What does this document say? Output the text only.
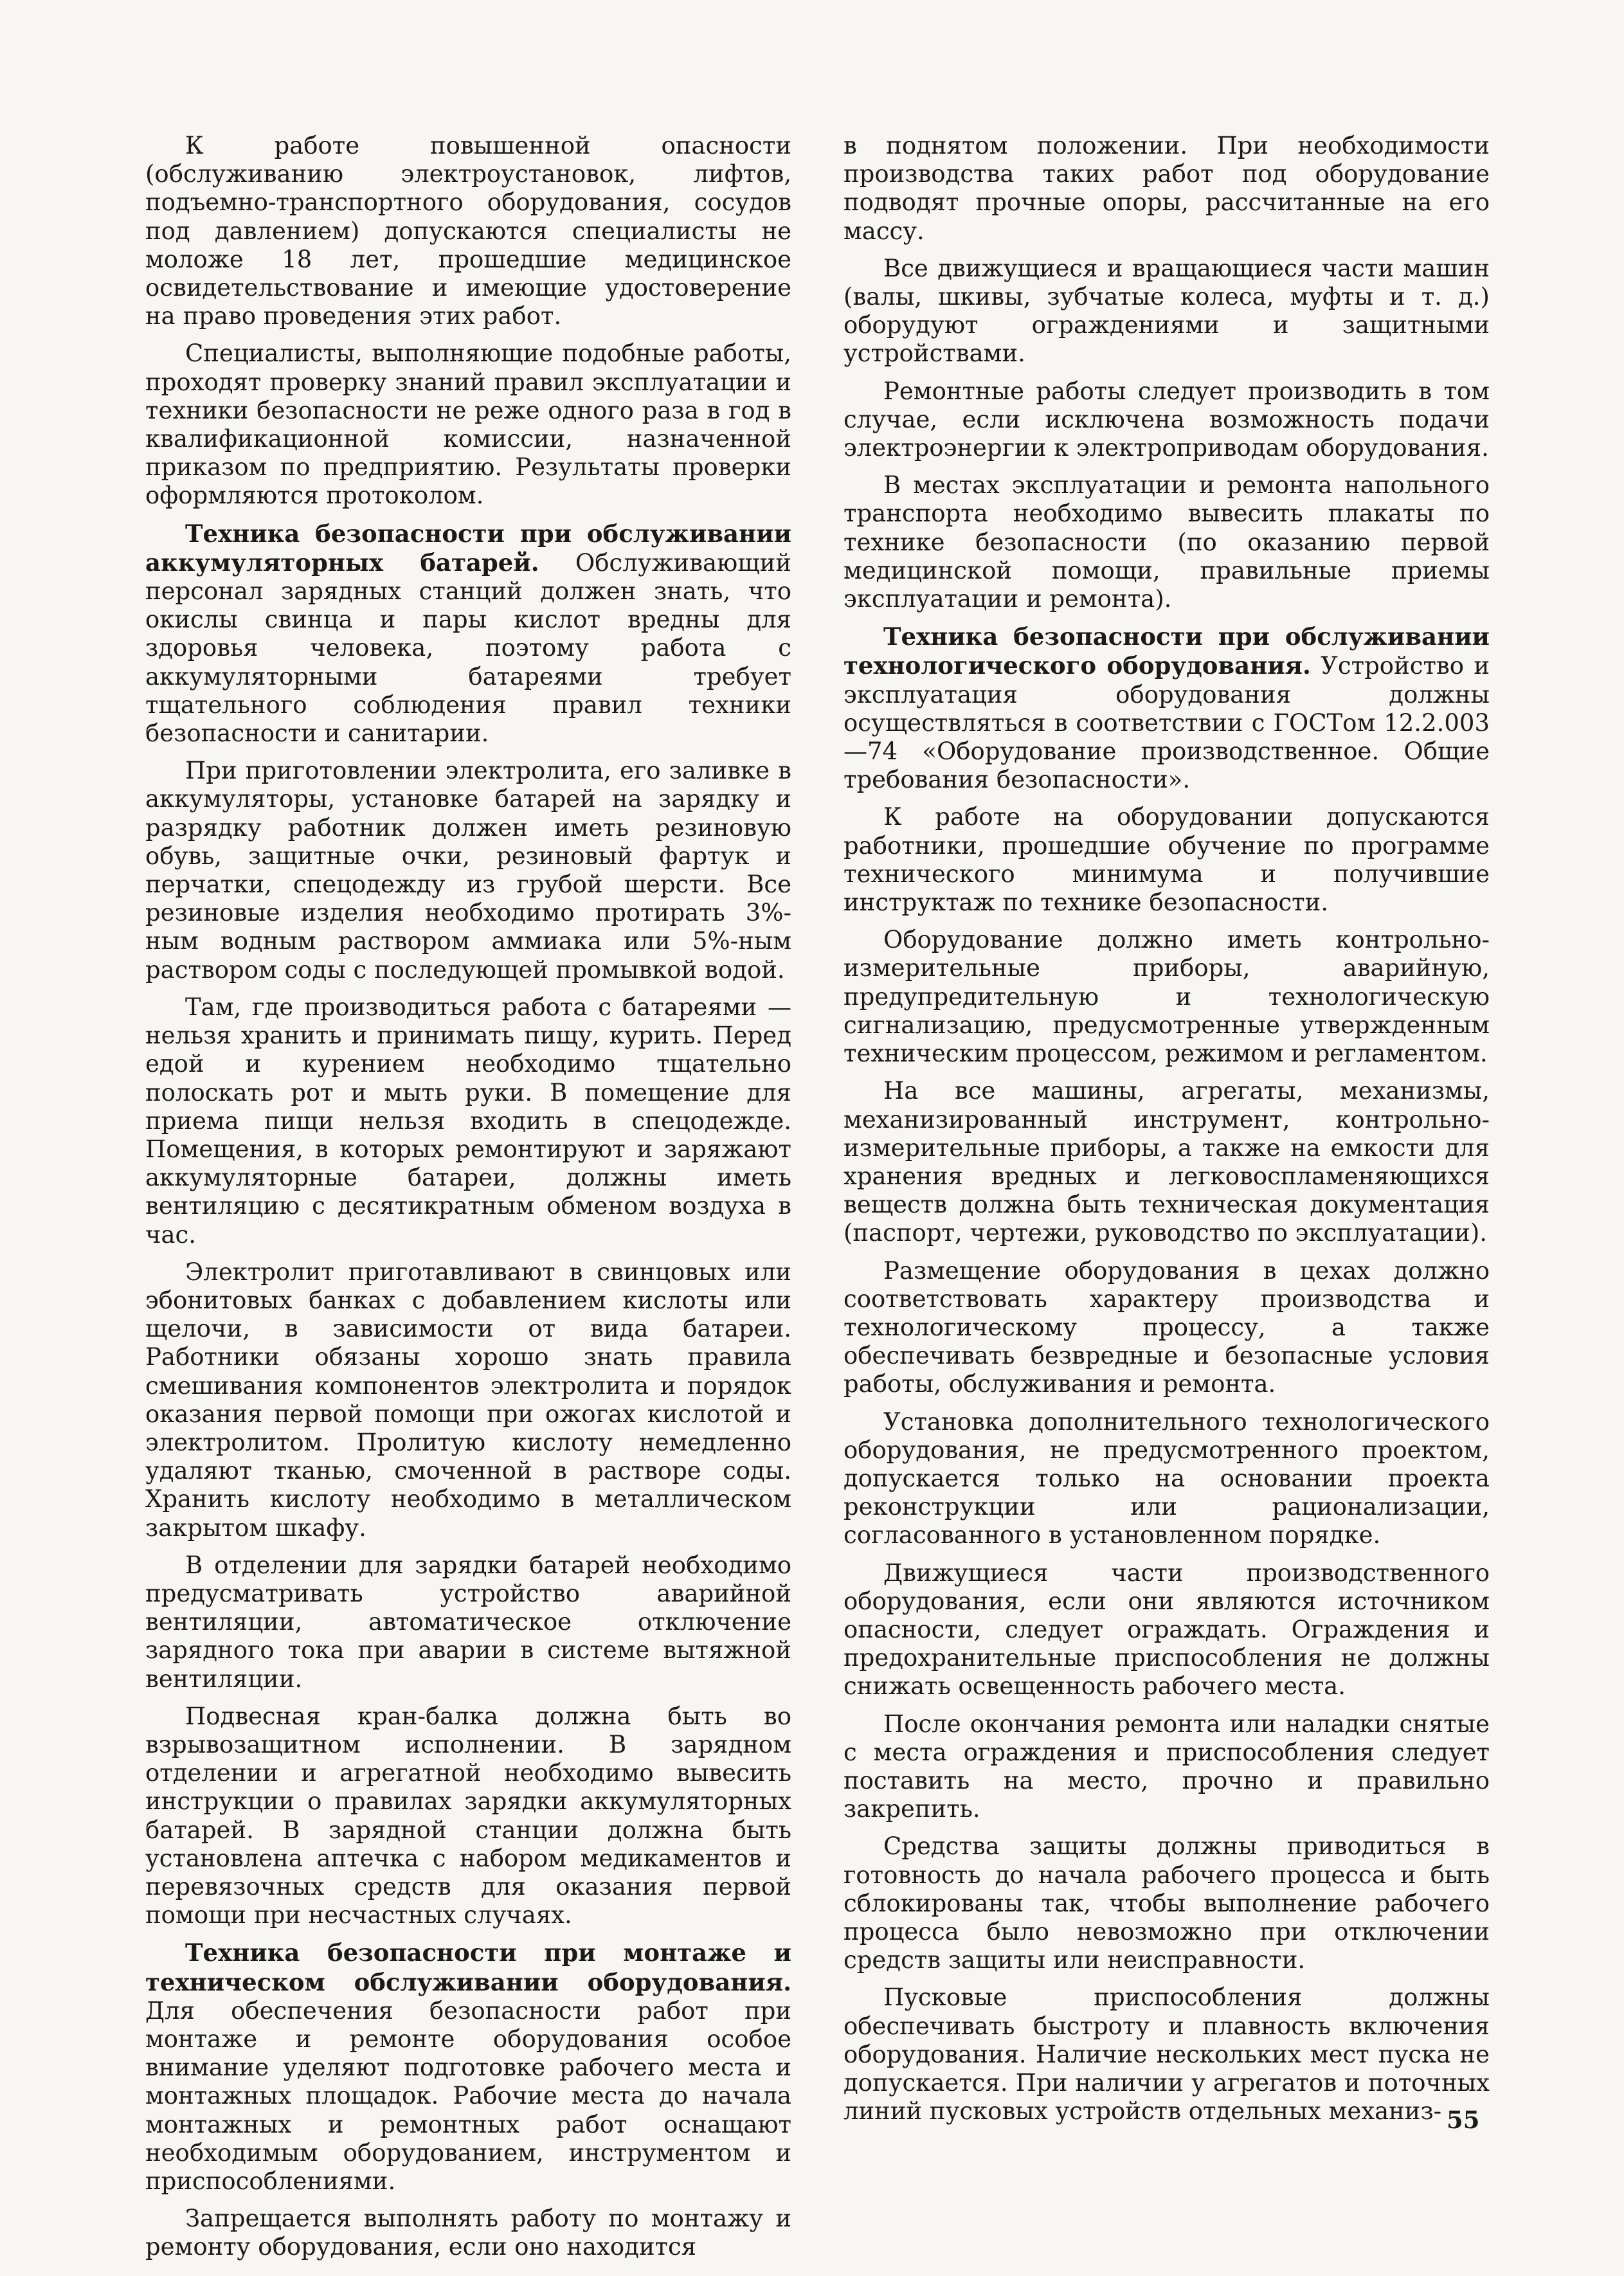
К работе повышенной опасности (обслуживанию электроустановок, лифтов, подъемно-транспортного оборудования, сосудов под давлением) допускаются специалисты не моложе 18 лет, прошедшие медицинское освидетельствование и имеющие удостоверение на право проведения этих работ.

Специалисты, выполняющие подобные работы, проходят проверку знаний правил эксплуатации и техники безопасности не реже одного раза в год в квалификационной комиссии, назначенной приказом по предприятию. Результаты проверки оформляются протоколом.

Техника безопасности при обслуживании аккумуляторных батарей. Обслуживающий персонал зарядных станций должен знать, что окислы свинца и пары кислот вредны для здоровья человека, поэтому работа с аккумуляторными батареями требует тщательного соблюдения правил техники безопасности и санитарии.

При приготовлении электролита, его заливке в аккумуляторы, установке батарей на зарядку и разрядку работник должен иметь резиновую обувь, защитные очки, резиновый фартук и перчатки, спецодежду из грубой шерсти. Все резиновые изделия необходимо протирать 3%-ным водным раствором аммиака или 5%-ным раствором соды с последующей промывкой водой.

Там, где производиться работа с батареями — нельзя хранить и принимать пищу, курить. Перед едой и курением необходимо тщательно полоскать рот и мыть руки. В помещение для приема пищи нельзя входить в спецодежде. Помещения, в которых ремонтируют и заряжают аккумуляторные батареи, должны иметь вентиляцию с десятикратным обменом воздуха в час.

Электролит приготавливают в свинцовых или эбонитовых банках с добавлением кислоты или щелочи, в зависимости от вида батареи. Работники обязаны хорошо знать правила смешивания компонентов электролита и порядок оказания первой помощи при ожогах кислотой и электролитом. Пролитую кислоту немедленно удаляют тканью, смоченной в растворе соды. Хранить кислоту необходимо в металлическом закрытом шкафу.

В отделении для зарядки батарей необходимо предусматривать устройство аварийной вентиляции, автоматическое отключение зарядного тока при аварии в системе вытяжной вентиляции.

Подвесная кран-балка должна быть во взрывозащитном исполнении. В зарядном отделении и агрегатной необходимо вывесить инструкции о правилах зарядки аккумуляторных батарей. В зарядной станции должна быть установлена аптечка с набором медикаментов и перевязочных средств для оказания первой помощи при несчастных случаях.

Техника безопасности при монтаже и техническом обслуживании оборудования. Для обеспечения безопасности работ при монтаже и ремонте оборудования особое внимание уделяют подготовке рабочего места и монтажных площадок. Рабочие места до начала монтажных и ремонтных работ оснащают необходимым оборудованием, инструментом и приспособлениями.

Запрещается выполнять работу по монтажу и ремонту оборудования, если оно находится

в поднятом положении. При необходимости производства таких работ под оборудование подводят прочные опоры, рассчитанные на его массу.

Все движущиеся и вращающиеся части машин (валы, шкивы, зубчатые колеса, муфты и т. д.) оборудуют ограждениями и защитными устройствами.

Ремонтные работы следует производить в том случае, если исключена возможность подачи электроэнергии к электроприводам оборудования.

В местах эксплуатации и ремонта напольного транспорта необходимо вывесить плакаты по технике безопасности (по оказанию первой медицинской помощи, правильные приемы эксплуатации и ремонта).

Техника безопасности при обслуживании технологического оборудования. Устройство и эксплуатация оборудования должны осуществляться в соответствии с ГОСТом 12.2.003—74 «Оборудование производственное. Общие требования безопасности».

К работе на оборудовании допускаются работники, прошедшие обучение по программе технического минимума и получившие инструктаж по технике безопасности.

Оборудование должно иметь контрольно-измерительные приборы, аварийную, предупредительную и технологическую сигнализацию, предусмотренные утвержденным техническим процессом, режимом и регламентом.

На все машины, агрегаты, механизмы, механизированный инструмент, контрольно-измерительные приборы, а также на емкости для хранения вредных и легковоспламеняющихся веществ должна быть техническая документация (паспорт, чертежи, руководство по эксплуатации).

Размещение оборудования в цехах должно соответствовать характеру производства и технологическому процессу, а также обеспечивать безвредные и безопасные условия работы, обслуживания и ремонта.

Установка дополнительного технологического оборудования, не предусмотренного проектом, допускается только на основании проекта реконструкции или рационализации, согласованного в установленном порядке.

Движущиеся части производственного оборудования, если они являются источником опасности, следует ограждать. Ограждения и предохранительные приспособления не должны снижать освещенность рабочего места.

После окончания ремонта или наладки снятые с места ограждения и приспособления следует поставить на место, прочно и правильно закрепить.

Средства защиты должны приводиться в готовность до начала рабочего процесса и быть сблокированы так, чтобы выполнение рабочего процесса было невозможно при отключении средств защиты или неисправности.

Пусковые приспособления должны обеспечивать быстроту и плавность включения оборудования. Наличие нескольких мест пуска не допускается. При наличии у агрегатов и поточных линий пусковых устройств отдельных механиз- 55
